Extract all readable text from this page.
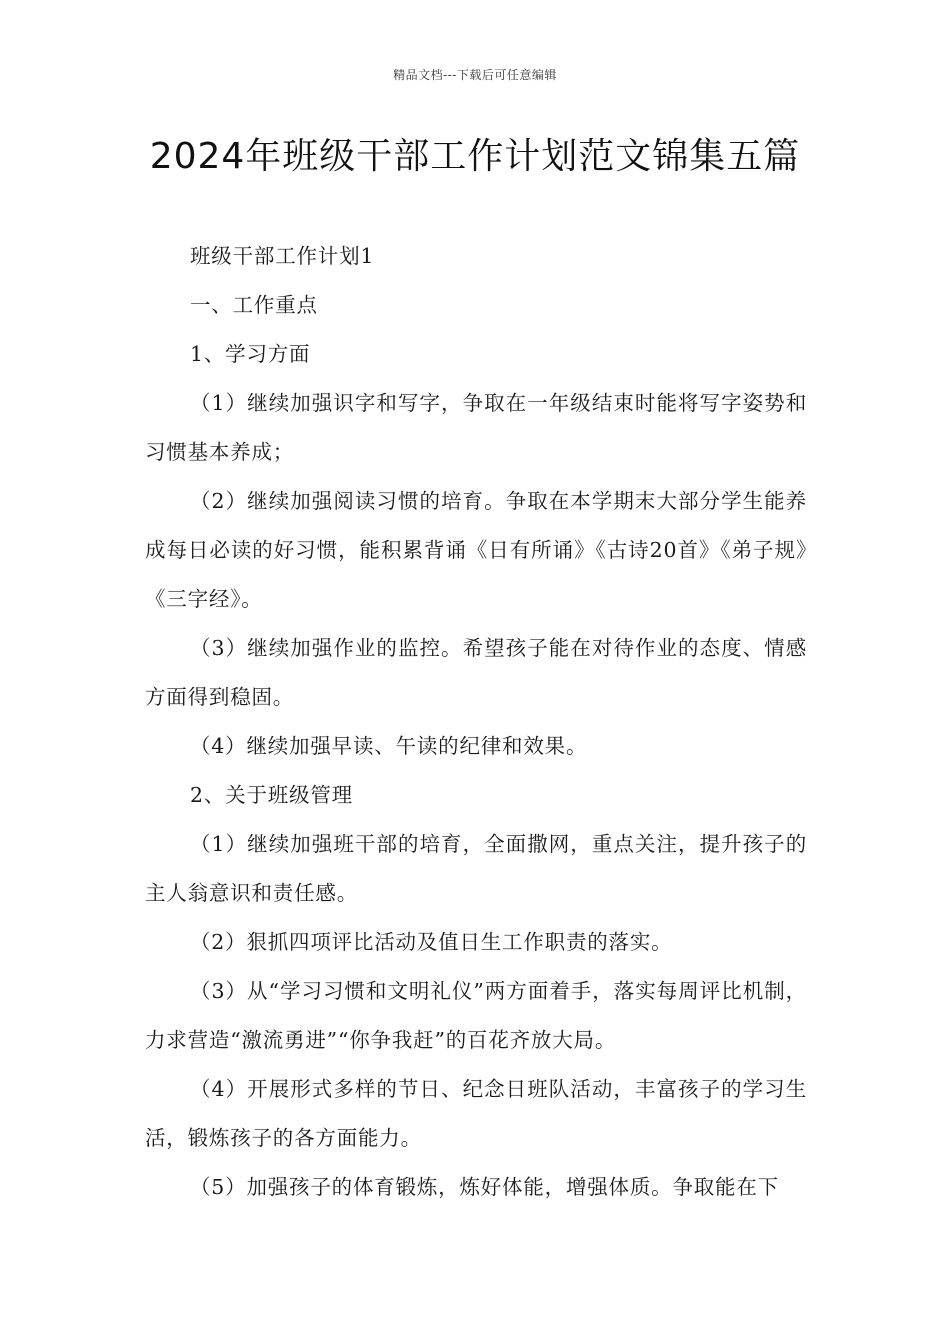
精品文档---下载后可任意编辑
2024年班级干部工作计划范文锦集五篇

班级干部工作计划1

一、工作重点

1、学习方面

（1）继续加强识字和写字，争取在一年级结束时能将写字姿势和习惯基本养成；

（2）继续加强阅读习惯的培育。争取在本学期末大部分学生能养成每日必读的好习惯，能积累背诵《日有所诵》《古诗20首》《弟子规》《三字经》。

（3）继续加强作业的监控。希望孩子能在对待作业的态度、情感方面得到稳固。

（4）继续加强早读、午读的纪律和效果。

2、关于班级管理

（1）继续加强班干部的培育，全面撒网，重点关注，提升孩子的主人翁意识和责任感。

（2）狠抓四项评比活动及值日生工作职责的落实。

（3）从“学习习惯和文明礼仪”两方面着手，落实每周评比机制，力求营造“激流勇进”“你争我赶”的百花齐放大局。

（4）开展形式多样的节日、纪念日班队活动，丰富孩子的学习生活，锻炼孩子的各方面能力。

（5）加强孩子的体育锻炼，炼好体能，增强体质。争取能在下
